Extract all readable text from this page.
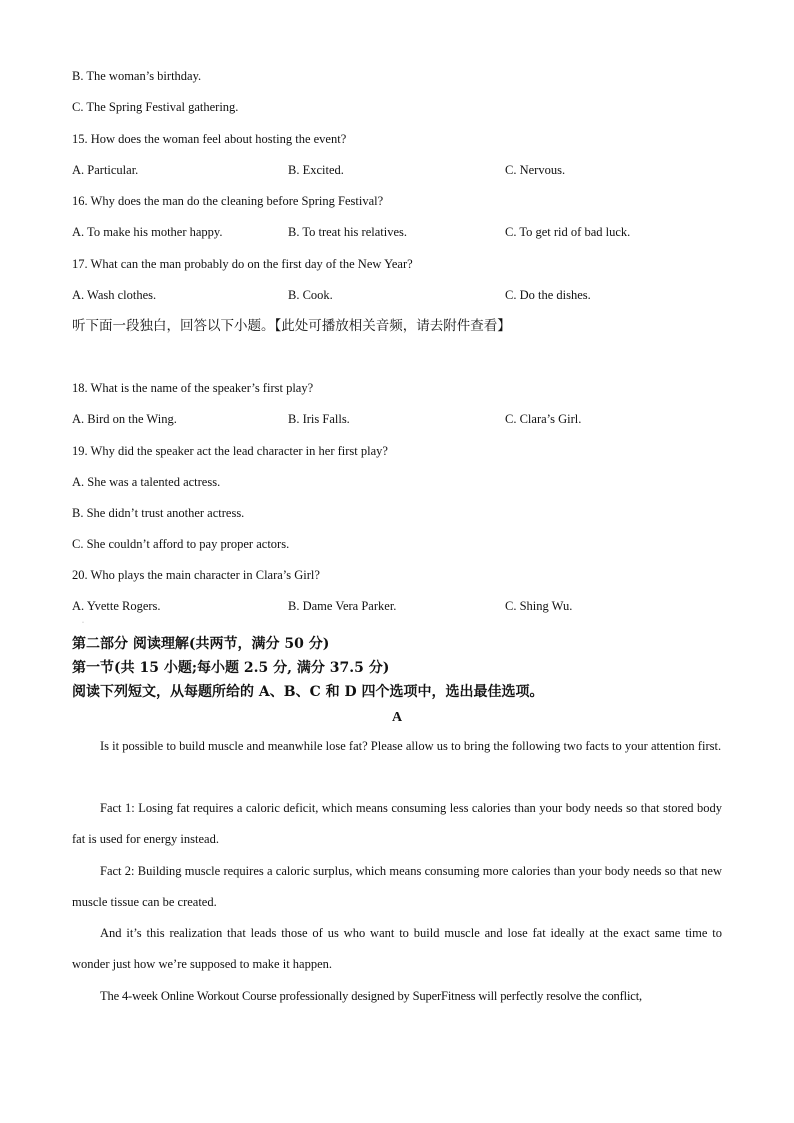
B. The woman’s birthday.
C. The Spring Festival gathering.
15. How does the woman feel about hosting the event?
A. Particular.	B. Excited.	C. Nervous.
16. Why does the man do the cleaning before Spring Festival?
A. To make his mother happy.	B. To treat his relatives.	C. To get rid of bad luck.
17. What can the man probably do on the first day of the New Year?
A. Wash clothes.	B. Cook.	C. Do the dishes.
听下面一段独白，回答以下小题。【此处可播放相关音频，请去附件查看】
18. What is the name of the speaker’s first play?
A. Bird on the Wing.	B. Iris Falls.	C. Clara’s Girl.
19. Why did the speaker act the lead character in her first play?
A. She was a talented actress.
B. She didn’t trust another actress.
C. She couldn’t afford to pay proper actors.
20. Who plays the main character in Clara’s Girl?
A. Yvette Rogers.	B. Dame Vera Parker.	C. Shing Wu.
·
第二部分 阅读理解(共两节，满分 50 分)
第一节(共 15 小题;每小题 2.5 分, 满分 37.5 分)
阅读下列短文，从每题所给的 A、B、C 和 D 四个选项中，选出最佳选项。
A
Is it possible to build muscle and meanwhile lose fat? Please allow us to bring the following two facts to your attention first.
Fact 1: Losing fat requires a caloric deficit, which means consuming less calories than your body needs so that stored body fat is used for energy instead.
Fact 2: Building muscle requires a caloric surplus, which means consuming more calories than your body needs so that new muscle tissue can be created.
And it’s this realization that leads those of us who want to build muscle and lose fat ideally at the exact same time to wonder just how we’re supposed to make it happen.
The 4-week Online Workout Course professionally designed by SuperFitness will perfectly resolve the conflict,
